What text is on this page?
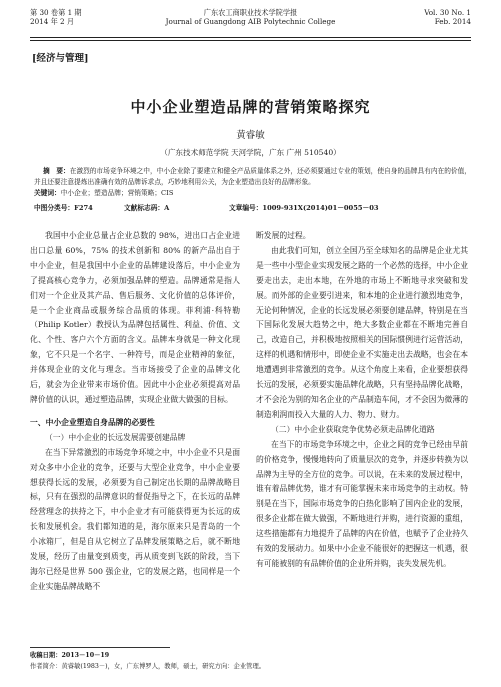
第 30 卷第 1 期
2014 年 2 月
广东农工商职业技术学院学报
Journal of Guangdong AIB Polytechnic College
Vol. 30 No. 1
Feb. 2014
[经济与管理]
中小企业塑造品牌的营销策略探究
黄睿敏
（广东技术师范学院 天河学院，广东 广州 510540）
摘　要：在激烈的市场竞争环境之中，中小企业除了要建立和健全产品质量体系之外，还必须要通过专业的策划，使自身的品牌具有内在的价值，并且还要注意提炼出准确有效的品牌诉求点，巧妙地利用公关，为企业塑造出良好的品牌形象。
关键词：中小企业；塑造品牌；营销策略；CIS
中图分类号：F274	文献标志码：A	文章编号：1009-931X(2014)01－0055－03

我国中小企业总量占企业总数的 98%，进出口占企业进出口总量 60%，75% 的技术创新和 80% 的新产品出自于中小企业，但是我国中小企业的品牌建设落后，中小企业为了提高核心竞争力，必须加强品牌的塑造。品牌通常是指人们对一个企业及其产品、售后服务、文化价值的总体评价，是一个企业商品或服务综合品质的体现。菲利浦·科特勒（Philip Kotler）教授认为品牌包括属性、利益、价值、文化、个性、客户六个方面的含义。品牌本身就是一种文化现象，它不只是一个名字、一种符号，而是企业精神的象征，并体现企业的文化与理念。当市场接受了企业的品牌文化后，就会为企业带来市场价值。因此中小企业必须提高对品牌价值的认识，通过塑造品牌，实现企业做大做强的目标。

一、中小企业塑造自身品牌的必要性
（一）中小企业的长远发展需要创建品牌

在当下异常激烈的市场竞争环境之中，中小企业不只是面对众多中小企业的竞争，还要与大型企业竞争，中小企业要想获得长远的发展，必须要为自己制定出长期的品牌战略目标，只有在强烈的品牌意识的督促指导之下，在长远的品牌经营理念的扶持之下，中小企业才有可能获得更为长远的成长和发展机会。我们都知道的是，海尔原来只是青岛的一个小冰箱厂，但是自从它树立了品牌发展策略之后，就不断地发展，经历了由量变到质变，再从质变到飞跃的阶段，当下海尔已经是世界 500 强企业，它的发展之路，也同样是一个企业实施品牌战略不

断发展的过程。

由此我们可知，创立全国乃至全球知名的品牌是企业尤其是一些中小型企业实现发展之路的一个必然的选择，中小企业要走出去，走出本地，在外地的市场上不断地寻求突破和发展。而外部的企业要引进来，和本地的企业进行激烈地竞争，无论何种情况，企业的长远发展必须要创建品牌，特别是在当下国际化发展大趋势之中，绝大多数企业都在不断地完善自己，改造自己，并积极地按照相关的国际惯例进行运营活动，这样的机遇和情形中，即使企业不实施走出去战略，也会在本地遭遇到非常激烈的竞争。从这个角度上来看，企业要想获得长远的发展，必须要实施品牌化战略，只有坚持品牌化战略，才不会沦为别的知名企业的产品制造车间，才不会因为微薄的制造利润而投入大量的人力、物力、财力。

（二）中小企业获取竞争优势必须走品牌化道路

在当下的市场竞争环境之中，企业之间的竞争已经由早前的价格竞争，慢慢地转向了质量层次的竞争，并逐步转换为以品牌为主导的全方位的竞争。可以说，在未来的发展过程中，谁有着品牌优势，谁才有可能掌握未来市场竞争的主动权。特别是在当下，国际市场竞争的白热化影响了国内企业的发展，很多企业都在做大做强，不断地进行并购，进行资源的重组，这些措施都有力地提升了品牌的内在价值，也赋予了企业持久有效的发展动力。如果中小企业不能很好的把握这一机遇，很有可能被别的有品牌价值的企业所并购，丧失发展先机。

收稿日期：2013－10－19
作者简介：黄睿敏(1983－)，女，广东博罗人，教师，硕士，研究方向：企业管理。
